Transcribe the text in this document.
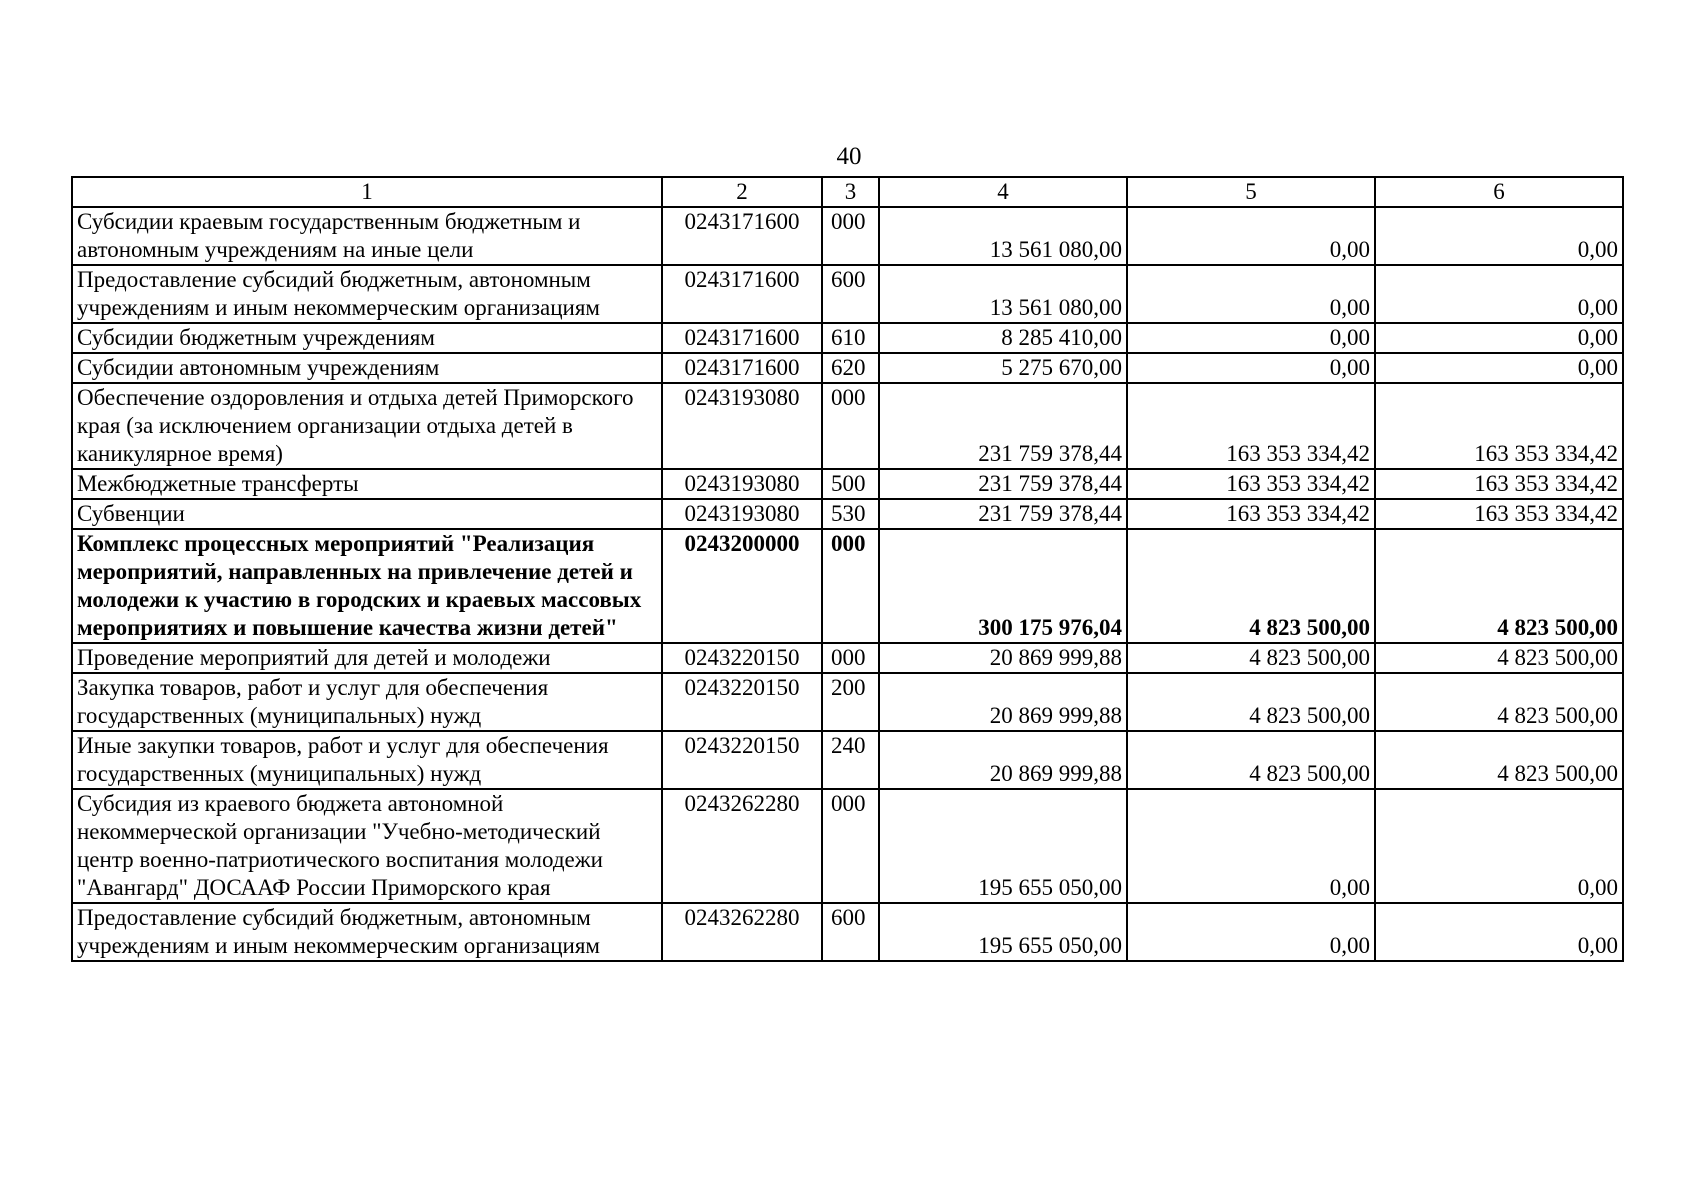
40
1	2	3	4	5	6
Субсидии краевым государственным бюджетным и автономным учреждениям на иные цели	0243171600	000	13 561 080,00	0,00	0,00
Предоставление субсидий бюджетным, автономным учреждениям и иным некоммерческим организациям	0243171600	600	13 561 080,00	0,00	0,00
Субсидии бюджетным учреждениям	0243171600	610	8 285 410,00	0,00	0,00
Субсидии автономным учреждениям	0243171600	620	5 275 670,00	0,00	0,00
Обеспечение оздоровления и отдыха детей Приморского края (за исключением организации отдыха детей в каникулярное время)	0243193080	000	231 759 378,44	163 353 334,42	163 353 334,42
Межбюджетные трансферты	0243193080	500	231 759 378,44	163 353 334,42	163 353 334,42
Субвенции	0243193080	530	231 759 378,44	163 353 334,42	163 353 334,42
Комплекс процессных мероприятий "Реализация мероприятий, направленных на привлечение детей и молодежи к участию в городских и краевых массовых мероприятиях и повышение качества жизни детей"	0243200000	000	300 175 976,04	4 823 500,00	4 823 500,00
Проведение мероприятий для детей и молодежи	0243220150	000	20 869 999,88	4 823 500,00	4 823 500,00
Закупка товаров, работ и услуг для обеспечения государственных (муниципальных) нужд	0243220150	200	20 869 999,88	4 823 500,00	4 823 500,00
Иные закупки товаров, работ и услуг для обеспечения государственных (муниципальных) нужд	0243220150	240	20 869 999,88	4 823 500,00	4 823 500,00
Субсидия из краевого бюджета автономной некоммерческой организации "Учебно-методический центр военно-патриотического воспитания молодежи "Авангард" ДОСААФ России Приморского края	0243262280	000	195 655 050,00	0,00	0,00
Предоставление субсидий бюджетным, автономным учреждениям и иным некоммерческим организациям	0243262280	600	195 655 050,00	0,00	0,00
